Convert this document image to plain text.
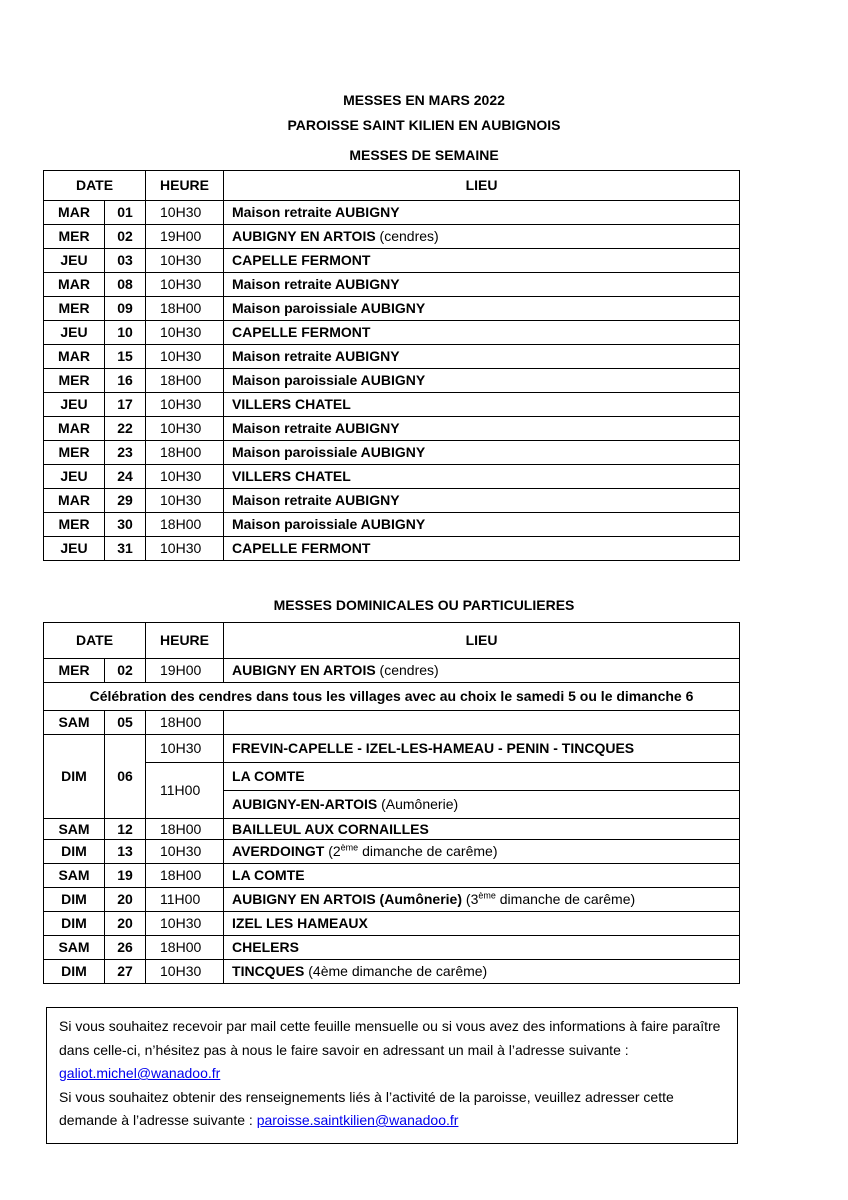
MESSES EN MARS 2022
PAROISSE SAINT KILIEN EN AUBIGNOIS
MESSES DE SEMAINE
DATE		HEURE	LIEU
MAR	01	10H30	Maison retraite AUBIGNY
MER	02	19H00	AUBIGNY EN ARTOIS (cendres)
JEU	03	10H30	CAPELLE FERMONT
MAR	08	10H30	Maison retraite AUBIGNY
MER	09	18H00	Maison paroissiale AUBIGNY
JEU	10	10H30	CAPELLE FERMONT
MAR	15	10H30	Maison retraite AUBIGNY
MER	16	18H00	Maison paroissiale AUBIGNY
JEU	17	10H30	VILLERS CHATEL
MAR	22	10H30	Maison retraite AUBIGNY
MER	23	18H00	Maison paroissiale AUBIGNY
JEU	24	10H30	VILLERS CHATEL
MAR	29	10H30	Maison retraite AUBIGNY
MER	30	18H00	Maison paroissiale AUBIGNY
JEU	31	10H30	CAPELLE FERMONT
MESSES DOMINICALES OU PARTICULIERES
DATE		HEURE	LIEU
MER	02	19H00	AUBIGNY EN ARTOIS (cendres)
Célébration des cendres dans tous les villages avec au choix le samedi 5 ou le dimanche 6			
SAM	05	18H00	
DIM	06	10H30	FREVIN-CAPELLE - IZEL-LES-HAMEAU - PENIN - TINCQUES
		11H00	LA COMTE
			AUBIGNY-EN-ARTOIS (Aumônerie)
SAM	12	18H00	BAILLEUL AUX CORNAILLES
DIM	13	10H30	AVERDOINGT (2ème dimanche de carême)
SAM	19	18H00	LA COMTE
DIM	20	11H00	AUBIGNY EN ARTOIS (Aumônerie) (3ème dimanche de carême)
DIM	20	10H30	IZEL LES HAMEAUX
SAM	26	18H00	CHELERS
DIM	27	10H30	TINCQUES (4ème dimanche de carême)
Si vous souhaitez recevoir par mail cette feuille mensuelle ou si vous avez des informations à faire paraître dans celle-ci, n’hésitez pas à nous le faire savoir en adressant un mail à l’adresse suivante : galiot.michel@wanadoo.fr
Si vous souhaitez obtenir des renseignements liés à l’activité de la paroisse, veuillez adresser cette demande à l’adresse suivante : paroisse.saintkilien@wanadoo.fr
